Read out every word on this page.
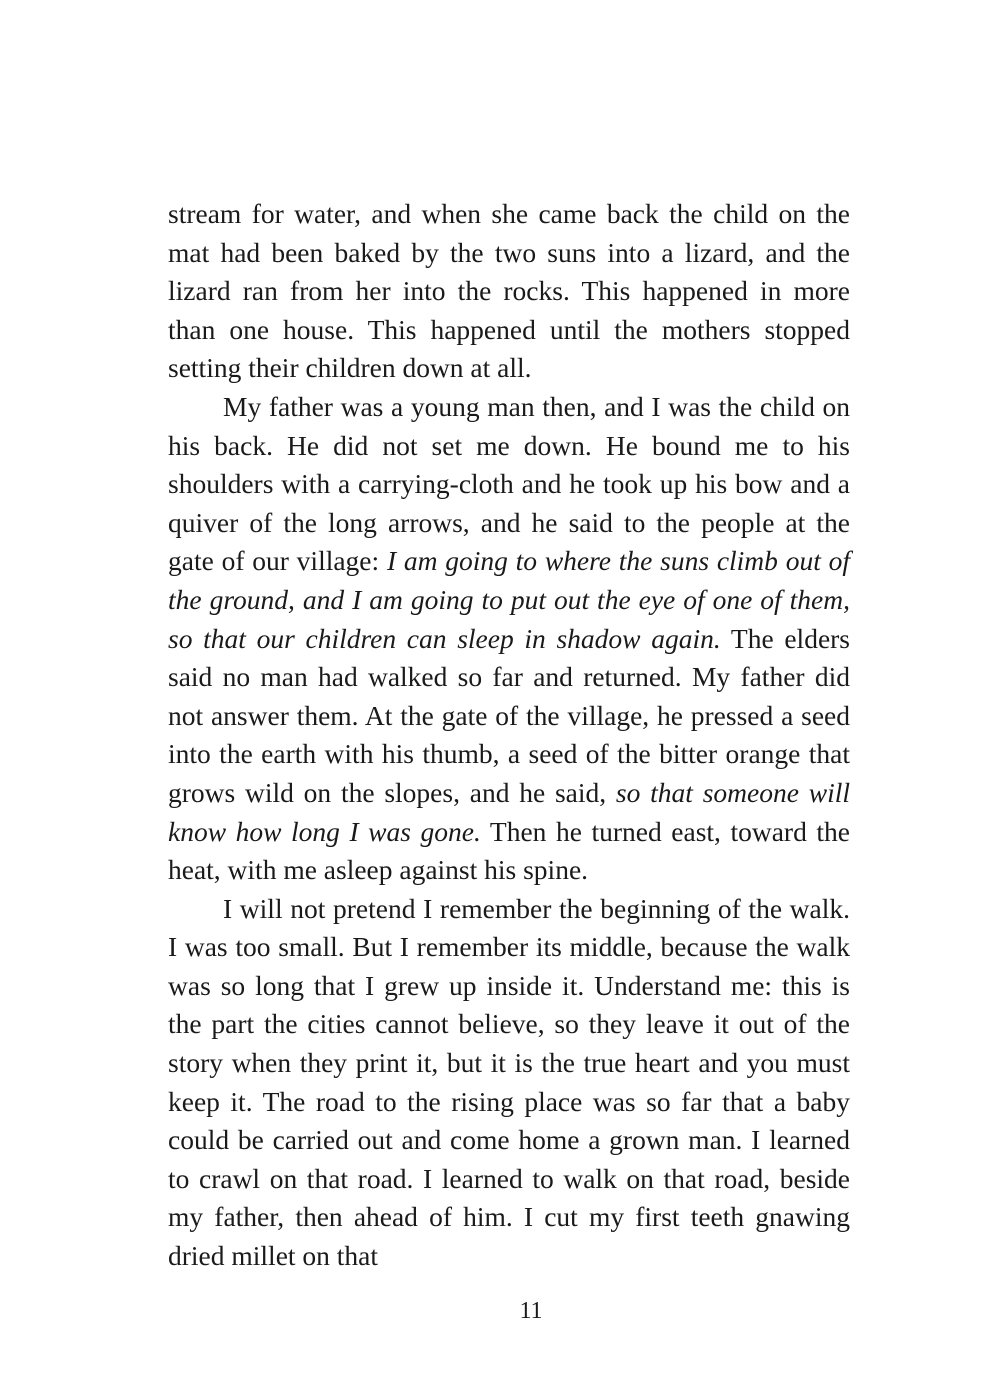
stream for water, and when she came back the child on the mat had been baked by the two suns into a lizard, and the lizard ran from her into the rocks. This happened in more than one house. This happened until the mothers stopped setting their children down at all.

My father was a young man then, and I was the child on his back. He did not set me down. He bound me to his shoulders with a carrying-cloth and he took up his bow and a quiver of the long arrows, and he said to the people at the gate of our village: I am going to where the suns climb out of the ground, and I am going to put out the eye of one of them, so that our children can sleep in shadow again. The elders said no man had walked so far and returned. My father did not answer them. At the gate of the village, he pressed a seed into the earth with his thumb, a seed of the bitter orange that grows wild on the slopes, and he said, so that someone will know how long I was gone. Then he turned east, toward the heat, with me asleep against his spine.

I will not pretend I remember the beginning of the walk. I was too small. But I remember its middle, because the walk was so long that I grew up inside it. Understand me: this is the part the cities cannot believe, so they leave it out of the story when they print it, but it is the true heart and you must keep it. The road to the rising place was so far that a baby could be carried out and come home a grown man. I learned to crawl on that road. I learned to walk on that road, beside my father, then ahead of him. I cut my first teeth gnawing dried millet on that

11
